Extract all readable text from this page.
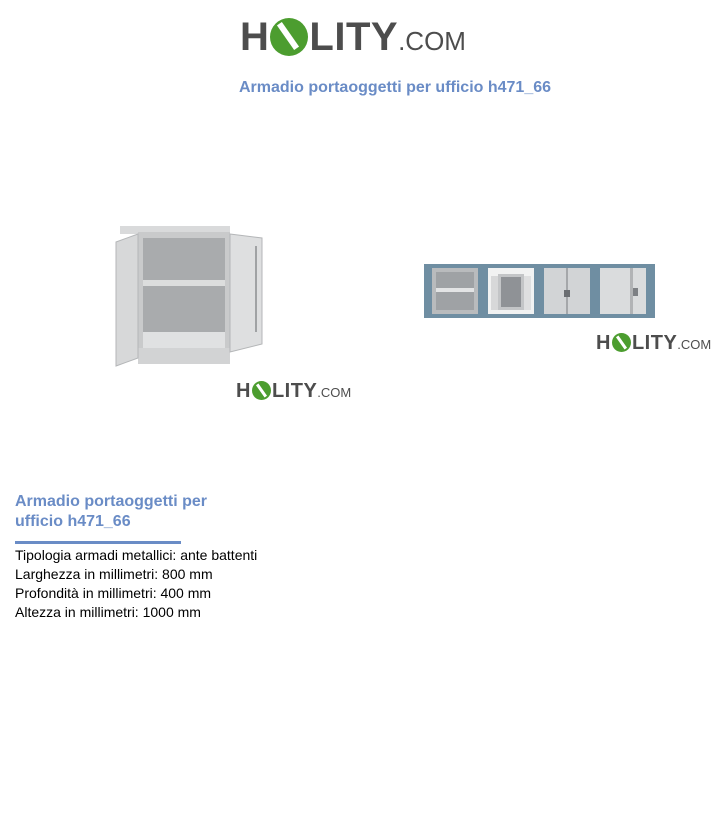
H LITY .COM
Armadio portaoggetti per ufficio h471_66
H LITY .COM
H LITY .COM
Armadio portaoggetti per ufficio h471_66
Tipologia armadi metallici: ante battenti
Larghezza in millimetri: 800 mm
Profondità in millimetri: 400 mm
Altezza in millimetri: 1000 mm
